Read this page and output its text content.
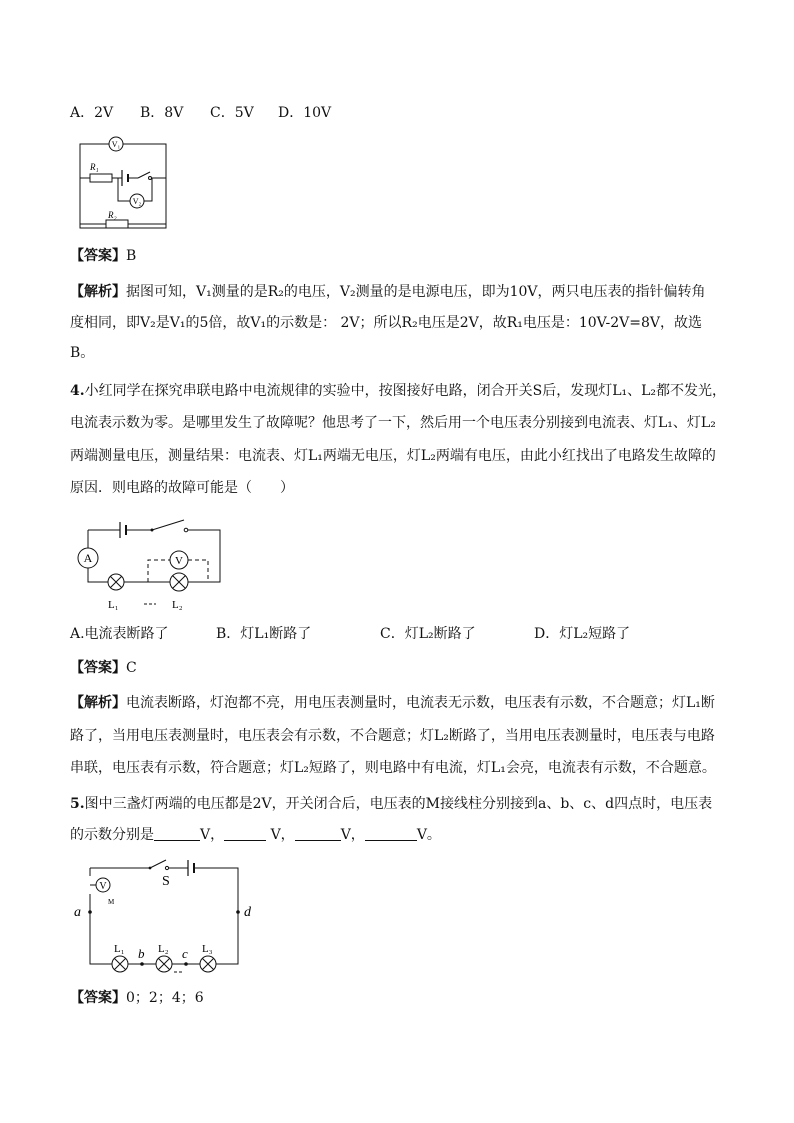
A．2V B．8V C．5V D．10V
V₁
V₂
R₁
R₂
【答案】B
【解析】据图可知，V₁测量的是R₂的电压，V₂测量的是电源电压，即为10V，两只电压表的指针偏转角
度相同，即V₂是V₁的5倍，故V₁的示数是： 2V；所以R₂电压是2V，故R₁电压是：10V-2V=8V，故选
B。
4.小红同学在探究串联电路中电流规律的实验中，按图接好电路，闭合开关S后，发现灯L₁、L₂都不发光，
电流表示数为零。是哪里发生了故障呢？他思考了一下，然后用一个电压表分别接到电流表、灯L₁、灯L₂
两端测量电压，测量结果：电流表、灯L₁两端无电压，灯L₂两端有电压，由此小红找出了电路发生故障的
原因．则电路的故障可能是（　　）
A	V
L₁	L₂
A.电流表断路了	B．灯L₁断路了	C．灯L₂断路了	D．灯L₂短路了
【答案】C
【解析】电流表断路，灯泡都不亮，用电压表测量时，电流表无示数，电压表有示数，不合题意；灯L₁断
路了，当用电压表测量时，电压表会有示数，不合题意；灯L₂断路了，当用电压表测量时，电压表与电路
串联，电压表有示数，符合题意；灯L₂短路了，则电路中有电流，灯L₁会亮，电流表有示数，不合题意。
5.图中三盏灯两端的电压都是2V，开关闭合后，电压表的M接线柱分别接到a、b、c、d四点时，电压表
的示数分别是	V，	V，	V，	V。
V
M
S
a	d
b	c
L₁	L₂	L₃
【答案】0；2；4；6
